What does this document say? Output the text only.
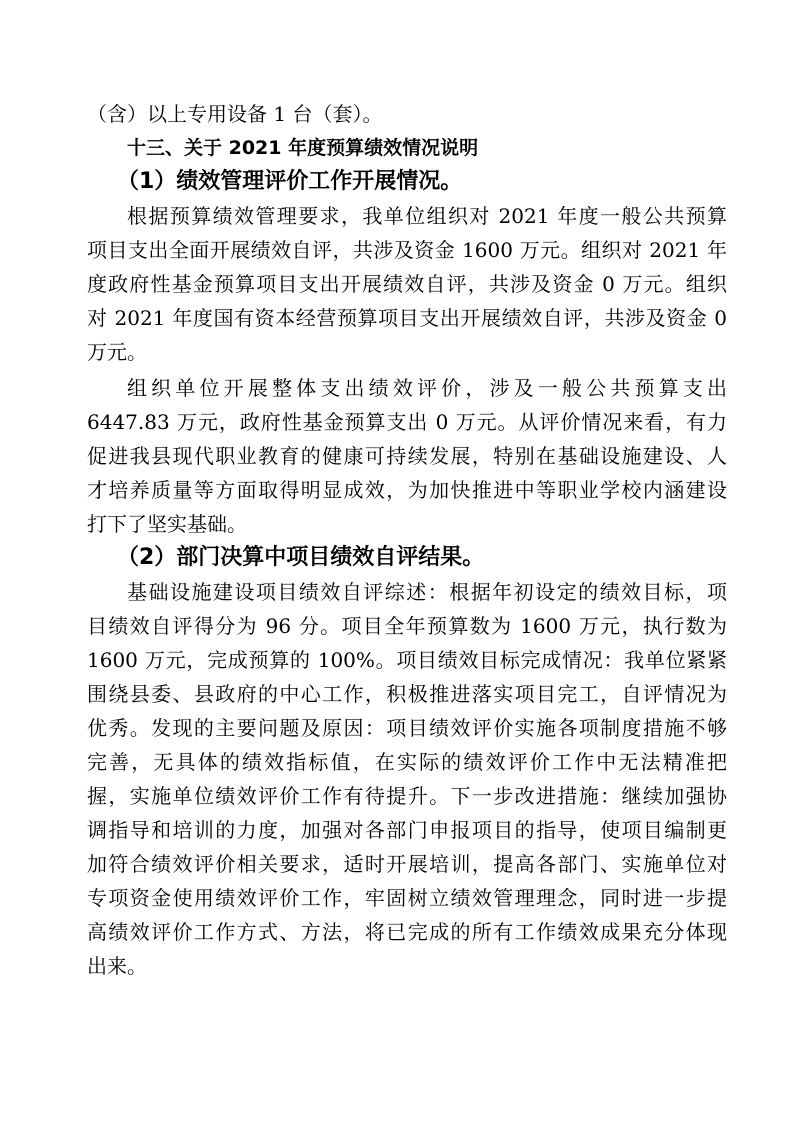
（含）以上专用设备 1 台（套）。
十三、关于 2021 年度预算绩效情况说明
（1）绩效管理评价工作开展情况。
根据预算绩效管理要求，我单位组织对 2021 年度一般公共预算
项目支出全面开展绩效自评，共涉及资金 1600 万元。组织对 2021 年
度政府性基金预算项目支出开展绩效自评，共涉及资金 0 万元。组织
对 2021 年度国有资本经营预算项目支出开展绩效自评，共涉及资金 0
万元。
组织单位开展整体支出绩效评价，涉及一般公共预算支出
6447.83 万元，政府性基金预算支出 0 万元。从评价情况来看，有力
促进我县现代职业教育的健康可持续发展，特别在基础设施建设、人
才培养质量等方面取得明显成效，为加快推进中等职业学校内涵建设
打下了坚实基础。
（2）部门决算中项目绩效自评结果。
基础设施建设项目绩效自评综述：根据年初设定的绩效目标，项
目绩效自评得分为 96 分。项目全年预算数为 1600 万元，执行数为
1600 万元，完成预算的 100%。项目绩效目标完成情况：我单位紧紧
围绕县委、县政府的中心工作，积极推进落实项目完工，自评情况为
优秀。发现的主要问题及原因：项目绩效评价实施各项制度措施不够
完善，无具体的绩效指标值，在实际的绩效评价工作中无法精准把
握，实施单位绩效评价工作有待提升。下一步改进措施：继续加强协
调指导和培训的力度，加强对各部门申报项目的指导，使项目编制更
加符合绩效评价相关要求，适时开展培训，提高各部门、实施单位对
专项资金使用绩效评价工作，牢固树立绩效管理理念，同时进一步提
高绩效评价工作方式、方法，将已完成的所有工作绩效成果充分体现
出来。
